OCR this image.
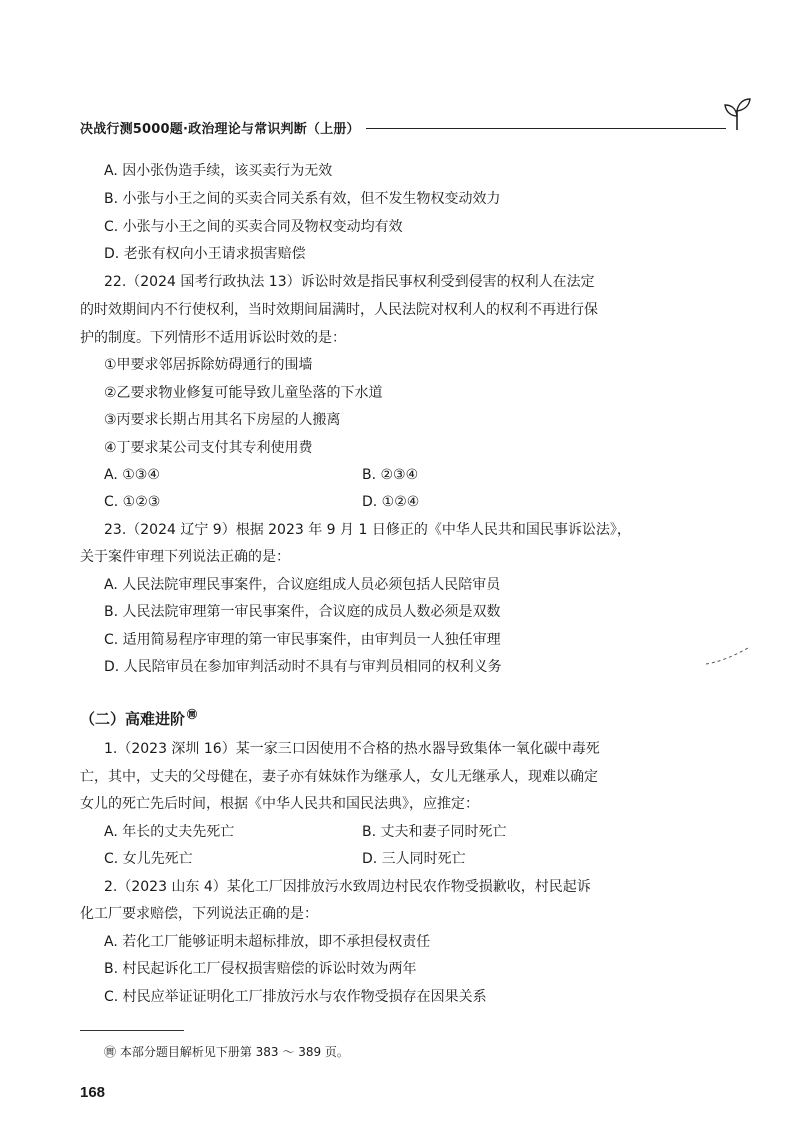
决战行测5000题·政治理论与常识判断（上册）
A. 因小张伪造手续，该买卖行为无效
B. 小张与小王之间的买卖合同关系有效，但不发生物权变动效力
C. 小张与小王之间的买卖合同及物权变动均有效
D. 老张有权向小王请求损害赔偿
22.（2024 国考行政执法 13）诉讼时效是指民事权利受到侵害的权利人在法定
的时效期间内不行使权利，当时效期间届满时，人民法院对权利人的权利不再进行保
护的制度。下列情形不适用诉讼时效的是：
①甲要求邻居拆除妨碍通行的围墙
②乙要求物业修复可能导致儿童坠落的下水道
③丙要求长期占用其名下房屋的人搬离
④丁要求某公司支付其专利使用费
A. ①③④	B. ②③④
C. ①②③	D. ①②④
23.（2024 辽宁 9）根据 2023 年 9 月 1 日修正的《中华人民共和国民事诉讼法》，
关于案件审理下列说法正确的是：
A. 人民法院审理民事案件，合议庭组成人员必须包括人民陪审员
B. 人民法院审理第一审民事案件，合议庭的成员人数必须是双数
C. 适用简易程序审理的第一审民事案件，由审判员一人独任审理
D. 人民陪审员在参加审判活动时不具有与审判员相同的权利义务
（二）高难进阶 ㉄
1.（2023 深圳 16）某一家三口因使用不合格的热水器导致集体一氧化碳中毒死
亡，其中，丈夫的父母健在，妻子亦有妹妹作为继承人，女儿无继承人，现难以确定
女儿的死亡先后时间，根据《中华人民共和国民法典》，应推定：
A. 年长的丈夫先死亡	B. 丈夫和妻子同时死亡
C. 女儿先死亡	D. 三人同时死亡
2.（2023 山东 4）某化工厂因排放污水致周边村民农作物受损歉收，村民起诉
化工厂要求赔偿，下列说法正确的是：
A. 若化工厂能够证明未超标排放，即不承担侵权责任
B. 村民起诉化工厂侵权损害赔偿的诉讼时效为两年
C. 村民应举证证明化工厂排放污水与农作物受损存在因果关系
㉄ 本部分题目解析见下册第 383 ～ 389 页。
168
